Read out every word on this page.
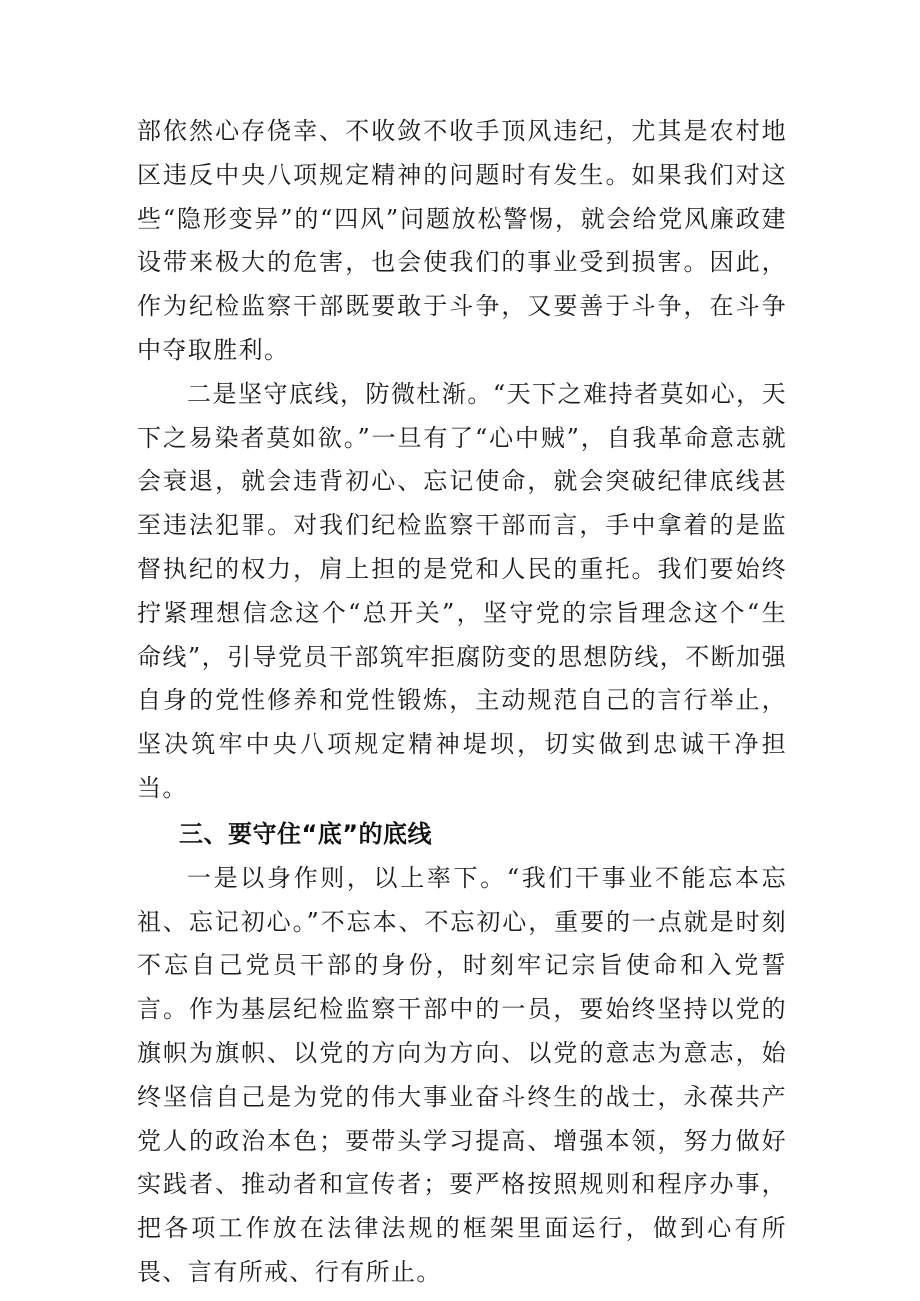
部依然心存侥幸、不收敛不收手顶风违纪，尤其是农村地区违反中央八项规定精神的问题时有发生。如果我们对这些“隐形变异”的“四风”问题放松警惕，就会给党风廉政建设带来极大的危害，也会使我们的事业受到损害。因此，作为纪检监察干部既要敢于斗争，又要善于斗争，在斗争中夺取胜利。

二是坚守底线，防微杜渐。“天下之难持者莫如心，天下之易染者莫如欲。”一旦有了“心中贼”，自我革命意志就会衰退，就会违背初心、忘记使命，就会突破纪律底线甚至违法犯罪。对我们纪检监察干部而言，手中拿着的是监督执纪的权力，肩上担的是党和人民的重托。我们要始终拧紧理想信念这个“总开关”，坚守党的宗旨理念这个“生命线”，引导党员干部筑牢拒腐防变的思想防线，不断加强自身的党性修养和党性锻炼，主动规范自己的言行举止，坚决筑牢中央八项规定精神堤坝，切实做到忠诚干净担当。

三、要守住“底”的底线

一是以身作则，以上率下。“我们干事业不能忘本忘祖、忘记初心。”不忘本、不忘初心，重要的一点就是时刻不忘自己党员干部的身份，时刻牢记宗旨使命和入党誓言。作为基层纪检监察干部中的一员，要始终坚持以党的旗帜为旗帜、以党的方向为方向、以党的意志为意志，始终坚信自己是为党的伟大事业奋斗终生的战士，永葆共产党人的政治本色；要带头学习提高、增强本领，努力做好实践者、推动者和宣传者；要严格按照规则和程序办事，把各项工作放在法律法规的框架里面运行，做到心有所畏、言有所戒、行有所止。
